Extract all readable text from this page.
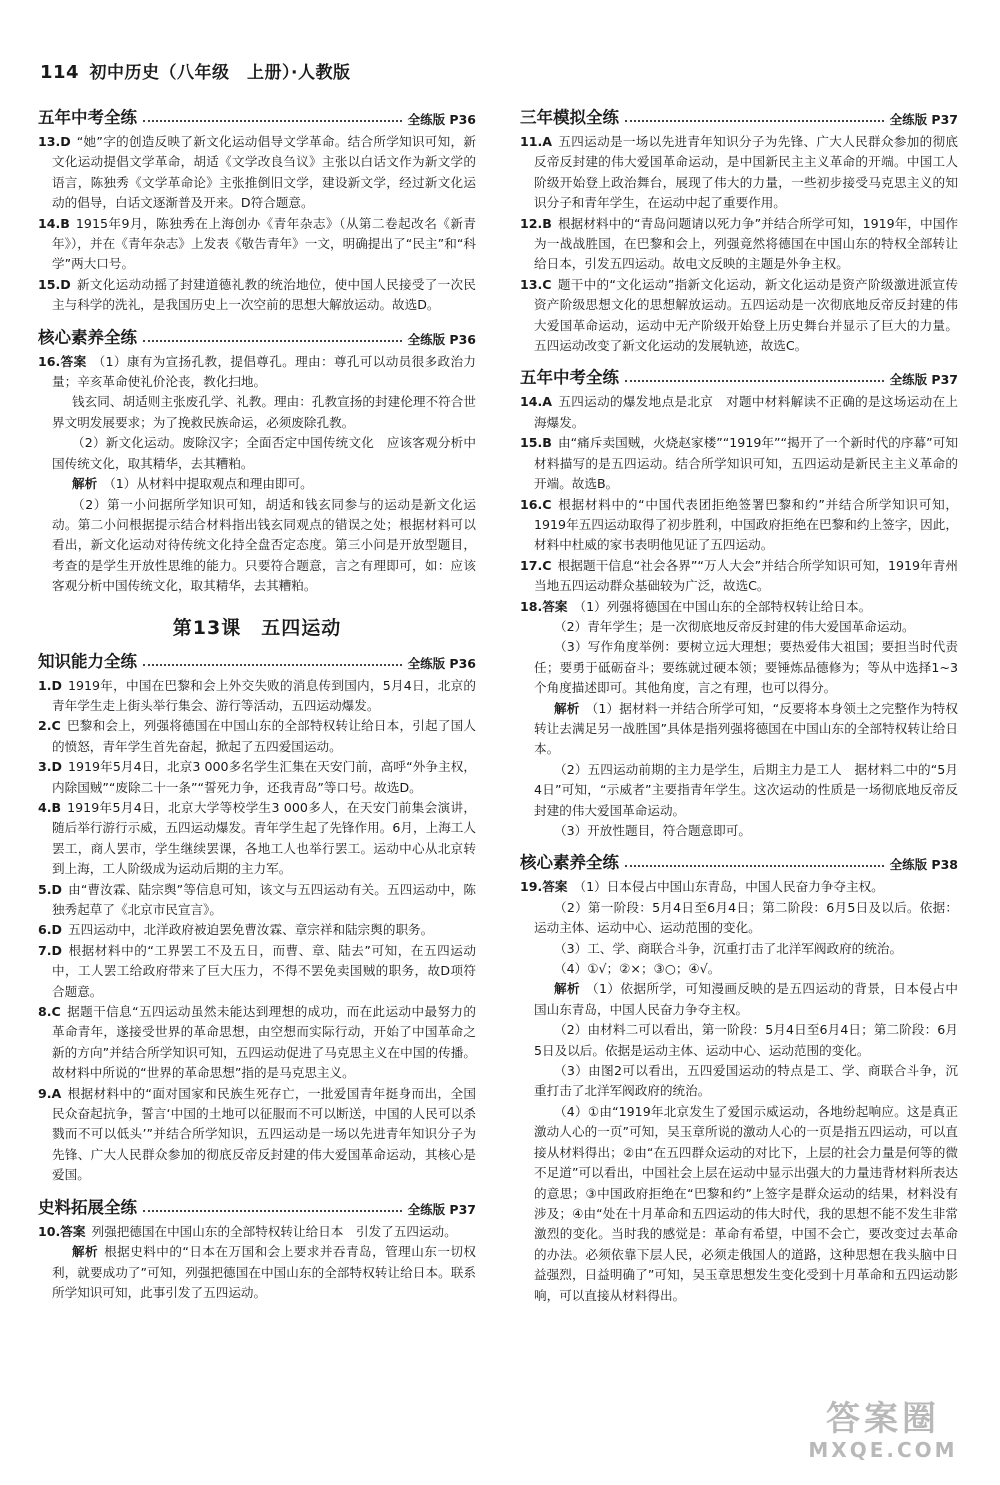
114 初中历史（八年级　上册）·人教版
五年中考全练	全练版 P36

13.D “她”字的创造反映了新文化运动倡导文学革命。结合所学知识可知，新文化运动提倡文学革命，胡适《文学改良刍议》主张以白话文作为新文学的语言，陈独秀《文学革命论》主张推倒旧文学，建设新文学，经过新文化运动的倡导，白话文逐渐普及开来。D符合题意。

14.B 1915年9月，陈独秀在上海创办《青年杂志》（从第二卷起改名《新青年》），并在《青年杂志》上发表《敬告青年》一文，明确提出了“民主”和“科学”两大口号。

15.D 新文化运动动摇了封建道德礼教的统治地位，使中国人民接受了一次民主与科学的洗礼，是我国历史上一次空前的思想大解放运动。故选D。

核心素养全练	全练版 P36

16.答案 （1）康有为宣扬孔教，提倡尊孔。理由：尊孔可以动员很多政治力量；辛亥革命使礼价沦丧，教化扫地。

钱玄同、胡适则主张废孔学、礼教。理由：孔教宣扬的封建伦理不符合世界文明发展要求；为了挽救民族命运，必须废除孔教。

（2）新文化运动。废除汉字；全面否定中国传统文化　应该客观分析中国传统文化，取其精华，去其糟粕。

解析 （1）从材料中提取观点和理由即可。

（2）第一小问据所学知识可知，胡适和钱玄同参与的运动是新文化运动。第二小问根据提示结合材料指出钱玄同观点的错误之处；根据材料可以看出，新文化运动对待传统文化持全盘否定态度。第三小问是开放型题目，考查的是学生开放性思维的能力。只要符合题意，言之有理即可，如：应该客观分析中国传统文化，取其精华，去其糟粕。

第13课　五四运动
知识能力全练	全练版 P36

1.D 1919年，中国在巴黎和会上外交失败的消息传到国内，5月4日，北京的青年学生走上街头举行集会、游行等活动，五四运动爆发。

2.C 巴黎和会上，列强将德国在中国山东的全部特权转让给日本，引起了国人的愤怒，青年学生首先奋起，掀起了五四爱国运动。

3.D 1919年5月4日，北京3 000多名学生汇集在天安门前，高呼“外争主权，内除国贼”“废除二十一条”“誓死力争，还我青岛”等口号。故选D。

4.B 1919年5月4日，北京大学等校学生3 000多人，在天安门前集会演讲，随后举行游行示威，五四运动爆发。青年学生起了先锋作用。6月，上海工人罢工，商人罢市，学生继续罢课，各地工人也举行罢工。运动中心从北京转到上海，工人阶级成为运动后期的主力军。

5.D 由“曹汝霖、陆宗舆”等信息可知，该文与五四运动有关。五四运动中，陈独秀起草了《北京市民宣言》。

6.D 五四运动中，北洋政府被迫罢免曹汝霖、章宗祥和陆宗舆的职务。

7.D 根据材料中的“工界罢工不及五日，而曹、章、陆去”可知，在五四运动中，工人罢工给政府带来了巨大压力，不得不罢免卖国贼的职务，故D项符合题意。

8.C 据题干信息“五四运动虽然未能达到理想的成功，而在此运动中最努力的革命青年，遂接受世界的革命思想，由空想而实际行动，开始了中国革命之新的方向”并结合所学知识可知，五四运动促进了马克思主义在中国的传播。故材料中所说的“世界的革命思想”指的是马克思主义。

9.A 根据材料中的“面对国家和民族生死存亡，一批爱国青年挺身而出，全国民众奋起抗争，誓言‘中国的土地可以征服而不可以断送，中国的人民可以杀戮而不可以低头’”并结合所学知识，五四运动是一场以先进青年知识分子为先锋、广大人民群众参加的彻底反帝反封建的伟大爱国革命运动，其核心是爱国。

史料拓展全练	全练版 P37

10.答案 列强把德国在中国山东的全部特权转让给日本　引发了五四运动。

解析 根据史料中的“日本在万国和会上要求并吞青岛，管理山东一切权利，就要成功了”可知，列强把德国在中国山东的全部特权转让给日本。联系所学知识可知，此事引发了五四运动。

三年模拟全练	全练版 P37

11.A 五四运动是一场以先进青年知识分子为先锋、广大人民群众参加的彻底反帝反封建的伟大爱国革命运动，是中国新民主主义革命的开端。中国工人阶级开始登上政治舞台，展现了伟大的力量，一些初步接受马克思主义的知识分子和青年学生，在运动中起了重要作用。

12.B 根据材料中的“青岛问题请以死力争”并结合所学可知，1919年，中国作为一战战胜国，在巴黎和会上，列强竟然将德国在中国山东的特权全部转让给日本，引发五四运动。故电文反映的主题是外争主权。

13.C 题干中的“文化运动”指新文化运动，新文化运动是资产阶级激进派宣传资产阶级思想文化的思想解放运动。五四运动是一次彻底地反帝反封建的伟大爱国革命运动，运动中无产阶级开始登上历史舞台并显示了巨大的力量。五四运动改变了新文化运动的发展轨迹，故选C。

五年中考全练	全练版 P37

14.A 五四运动的爆发地点是北京　对题中材料解读不正确的是这场运动在上海爆发。

15.B 由“痛斥卖国贼，火烧赵家楼”“1919年”“揭开了一个新时代的序幕”可知材料描写的是五四运动。结合所学知识可知，五四运动是新民主主义革命的开端。故选B。

16.C 根据材料中的“中国代表团拒绝签署巴黎和约”并结合所学知识可知，1919年五四运动取得了初步胜利，中国政府拒绝在巴黎和约上签字，因此，材料中杜威的家书表明他见证了五四运动。

17.C 根据题干信息“社会各界”“万人大会”并结合所学知识可知，1919年青州当地五四运动群众基础较为广泛，故选C。

18.答案 （1）列强将德国在中国山东的全部特权转让给日本。

（2）青年学生；是一次彻底地反帝反封建的伟大爱国革命运动。

（3）写作角度举例：要树立远大理想；要热爱伟大祖国；要担当时代责任；要勇于砥砺奋斗；要练就过硬本领；要锤炼品德修为；等从中选择1~3个角度描述即可。其他角度，言之有理，也可以得分。

解析 （1）据材料一并结合所学可知，“反要将本身领土之完整作为特权转让去满足另一战胜国”具体是指列强将德国在中国山东的全部特权转让给日本。

（2）五四运动前期的主力是学生，后期主力是工人　据材料二中的“5月4日”可知，“示威者”主要指青年学生。这次运动的性质是一场彻底地反帝反封建的伟大爱国革命运动。

（3）开放性题目，符合题意即可。

核心素养全练	全练版 P38

19.答案 （1）日本侵占中国山东青岛，中国人民奋力争夺主权。

（2）第一阶段：5月4日至6月4日；第二阶段：6月5日及以后。依据：运动主体、运动中心、运动范围的变化。

（3）工、学、商联合斗争，沉重打击了北洋军阀政府的统治。

（4）①√；②×；③○；④√。

解析 （1）依据所学，可知漫画反映的是五四运动的背景，日本侵占中国山东青岛，中国人民奋力争夺主权。

（2）由材料二可以看出，第一阶段：5月4日至6月4日；第二阶段：6月5日及以后。依据是运动主体、运动中心、运动范围的变化。

（3）由图2可以看出，五四爱国运动的特点是工、学、商联合斗争，沉重打击了北洋军阀政府的统治。

（4）①由“1919年北京发生了爱国示威运动，各地纷起响应。这是真正激动人心的一页”可知，吴玉章所说的激动人心的一页是指五四运动，可以直接从材料得出；②由“在五四群众运动的对比下，上层的社会力量是何等的微不足道”可以看出，中国社会上层在运动中显示出强大的力量违背材料所表达的意思；③中国政府拒绝在“巴黎和约”上签字是群众运动的结果，材料没有涉及；④由“处在十月革命和五四运动的伟大时代，我的思想不能不发生非常激烈的变化。当时我的感觉是：革命有希望，中国不会亡，要改变过去革命的办法。必须依靠下层人民，必须走俄国人的道路，这种思想在我头脑中日益强烈，日益明确了”可知，吴玉章思想发生变化受到十月革命和五四运动影响，可以直接从材料得出。

答案圈
MXQE.COM
